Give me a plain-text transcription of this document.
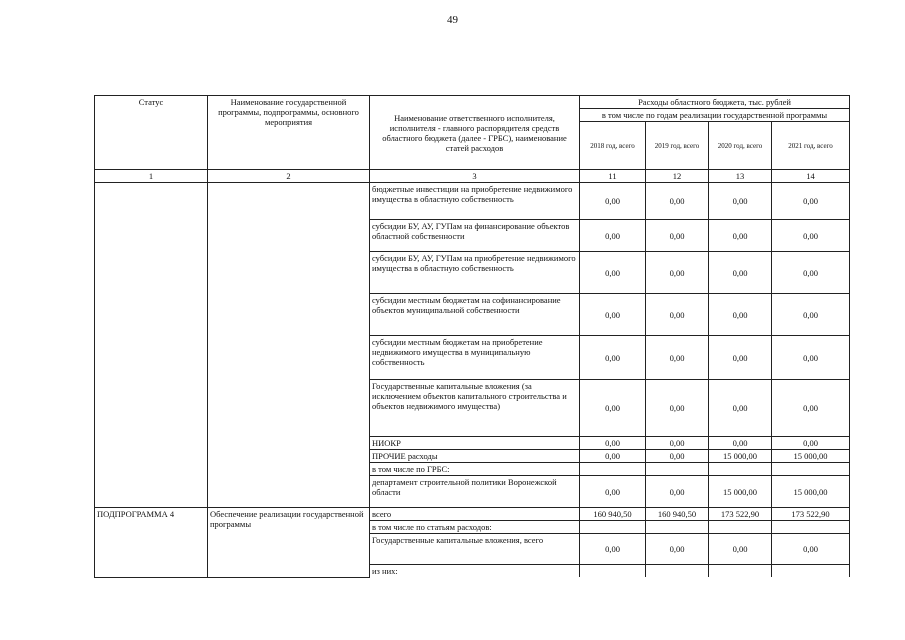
49
Статус	Наименование государственной программы, подпрограммы, основного мероприятия	Наименование ответственного исполнителя, исполнителя - главного распорядителя средств областного бюджета (далее - ГРБС), наименование статей расходов	Расходы областного бюджета, тыс. рублей			
			в том числе по годам реализации государственной программы			
			2018 год, всего	2019 год, всего	2020 год, всего	2021 год, всего
1	2	3	11	12	13	14
		бюджетные инвестиции на приобретение недвижимого имущества в областную собственность	0,00	0,00	0,00	0,00
		субсидии БУ, АУ, ГУПам на финансирование объектов областной собственности	0,00	0,00	0,00	0,00
		субсидии БУ, АУ, ГУПам на приобретение недвижимого имущества в областную собственность	0,00	0,00	0,00	0,00
		субсидии местным бюджетам на софинансирование объектов муниципальной собственности	0,00	0,00	0,00	0,00
		субсидии местным бюджетам на приобретение недвижимого имущества в муниципальную собственность	0,00	0,00	0,00	0,00
		Государственные капитальные вложения (за исключением объектов капитального строительства и объектов недвижимого имущества)	0,00	0,00	0,00	0,00
		НИОКР	0,00	0,00	0,00	0,00
		ПРОЧИЕ расходы	0,00	0,00	15 000,00	15 000,00
		в том числе по ГРБС:				
		департамент строительной политики Воронежской области	0,00	0,00	15 000,00	15 000,00
ПОДПРОГРАММА 4	Обеспечение реализации государственной программы	всего	160 940,50	160 940,50	173 522,90	173 522,90
		в том числе по статьям расходов:				
		Государственные капитальные вложения, всего	0,00	0,00	0,00	0,00
		из них:				
